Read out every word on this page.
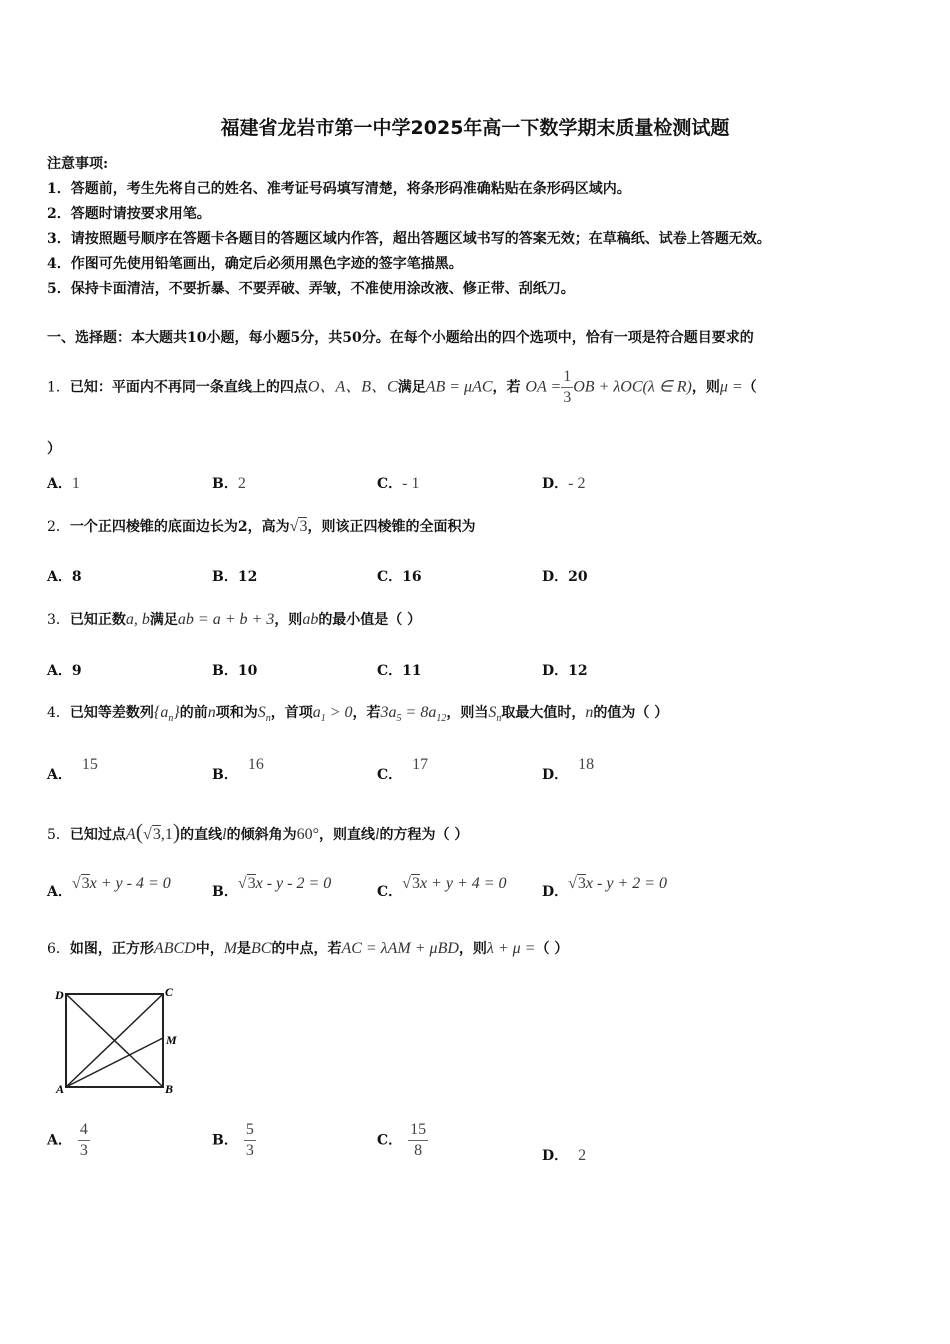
福建省龙岩市第一中学2025年高一下数学期末质量检测试题
注意事项:
1．答题前，考生先将自己的姓名、准考证号码填写清楚，将条形码准确粘贴在条形码区域内。
2．答题时请按要求用笔。
3．请按照题号顺序在答题卡各题目的答题区域内作答，超出答题区域书写的答案无效；在草稿纸、试卷上答题无效。
4．作图可先使用铅笔画出，确定后必须用黑色字迹的签字笔描黑。
5．保持卡面清洁，不要折暴、不要弄破、弄皱，不准使用涂改液、修正带、刮纸刀。
一、选择题：本大题共10小题，每小题5分，共50分。在每个小题给出的四个选项中，恰有一项是符合题目要求的
1．已知：平面内不再同一条直线上的四点O、A、B、C满足AB = μAC，若 OA = $\frac{1}{3}$ OB + λOC(λ ∈ R)，则μ =（
）
A．1	B．2	C．- 1	D．- 2
2．一个正四棱锥的底面边长为2，高为√3，则该正四棱锥的全面积为
A．8	B．12	C．16	D．20
3．已知正数a, b满足ab = a + b + 3，则ab的最小值是（ ）
A．9	B．10	C．11	D．12
4．已知等差数列$\{a_n\}$的前n项和为$S_n$，首项$a_1 > 0$，若$3a_5 = 8a_{12}$，则当$S_n$取最大值时，n的值为（ ）
A．15
B．16
C．17
D．18
5．已知过点A(√3,1)的直线l的倾斜角为60°，则直线l的方程为（ ）
A．√3x + y - 4 = 0	B．√3x - y - 2 = 0	C．√3x + y + 4 = 0	D．√3x - y + 2 = 0
6．如图，正方形ABCD中，M是BC的中点，若AC = λAM + μBD，则λ + μ =（ ）
D	C
M
A	B
A． $\frac{4}{3}$	B． $\frac{5}{3}$	C． $\frac{15}{8}$	D． 2
